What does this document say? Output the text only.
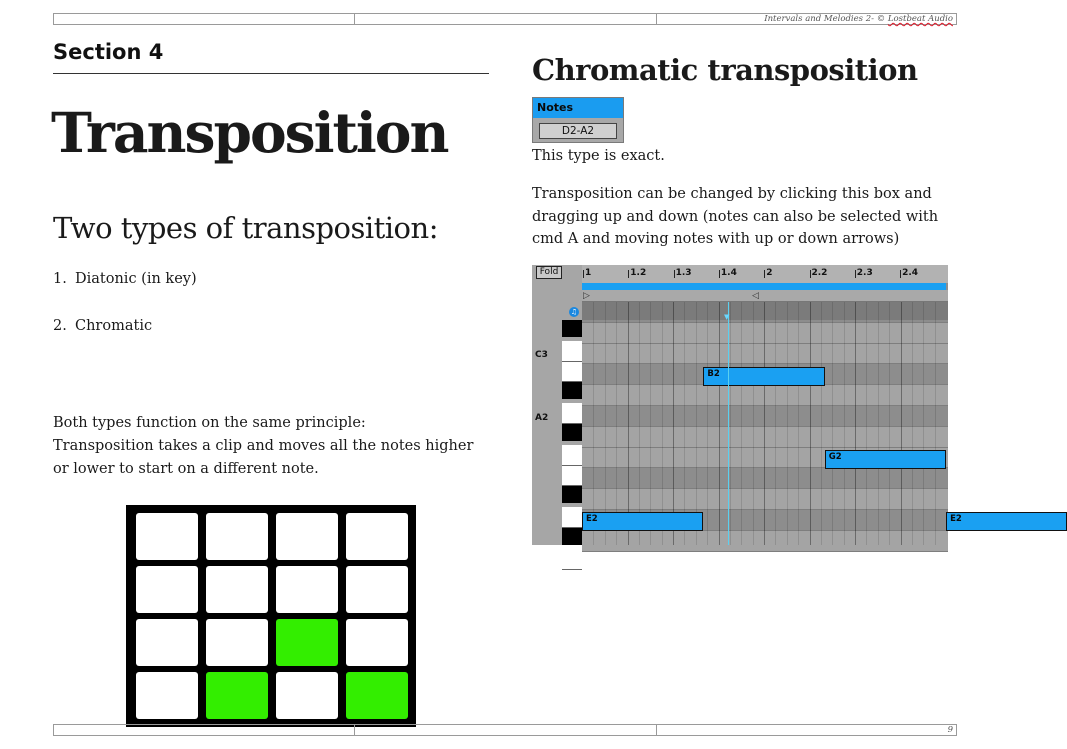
Intervals and Melodies 2- © Lostbeat Audio
Section 4
Transposition
Two types of transposition:
1. Diatonic (in key)
2. Chromatic
Both types function on the same principle:
Transposition takes a clip and moves all the notes higher or lower to start on a different note.
Chromatic transposition
Notes
D2-A2
This type is exact.
Transposition can be changed by clicking this box and dragging up and down (notes can also be selected with cmd A and moving notes with up or down arrows)
Fold
C3
A2
♫
1	1.2	1.3	1.4	2	2.2	2.3	2.4
▷	◁
B2
G2
E2	E2
▼
9
